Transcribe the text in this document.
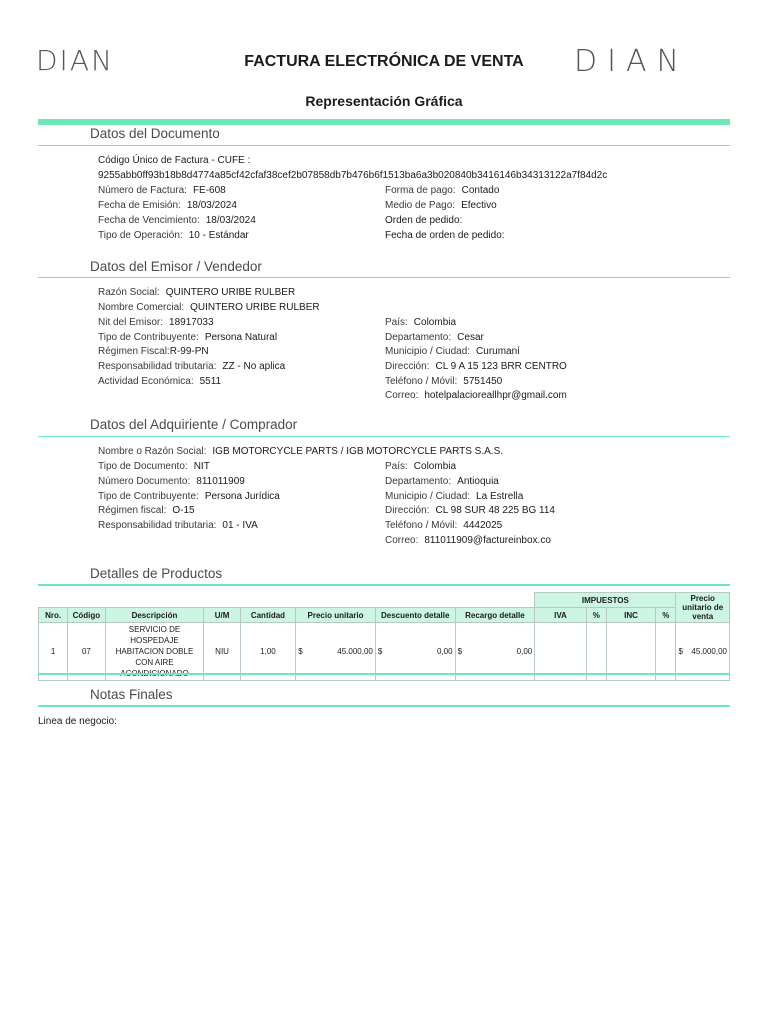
DIAN	FACTURA ELECTRÓNICA DE VENTA	DIAN
Representación Gráfica
Datos del Documento
Código Único de Factura - CUFE :
9255abb0ff93b18b8d4774a85cf42cfaf38cef2b07858db7b476b6f1513ba6a3b020840b3416146b34313122a7f84d2c
Número de Factura: FE-608
Fecha de Emisión: 18/03/2024
Fecha de Vencimiento: 18/03/2024
Tipo de Operación: 10 - Estándar
Forma de pago: Contado
Medio de Pago: Efectivo
Orden de pedido:
Fecha de orden de pedido:
Datos del Emisor / Vendedor
Razón Social: QUINTERO URIBE RULBER
Nombre Comercial: QUINTERO URIBE RULBER
Nit del Emisor: 18917033
Tipo de Contribuyente: Persona Natural
Régimen Fiscal:R-99-PN
Responsabilidad tributaria: ZZ - No aplica
Actividad Económica: 5511
País: Colombia
Departamento: Cesar
Municipio / Ciudad: Curumaní
Dirección: CL 9 A 15 123 BRR CENTRO
Teléfono / Móvil: 5751450
Correo: hotelpalacioreallhpr@gmail.com
Datos del Adquiriente / Comprador
Nombre o Razón Social: IGB MOTORCYCLE PARTS / IGB MOTORCYCLE PARTS S.A.S.
Tipo de Documento: NIT
Número Documento: 811011909
Tipo de Contribuyente: Persona Jurídica
Régimen fiscal: O-15
Responsabilidad tributaria: 01 - IVA
País: Colombia
Departamento: Antioquia
Municipio / Ciudad: La Estrella
Dirección: CL 98 SUR 48 225 BG 114
Teléfono / Móvil: 4442025
Correo: 811011909@factureinbox.co
Detalles de Productos
								IMPUESTOS				Precio unitario de venta
Nro.	Código	Descripción	U/M	Cantidad	Precio unitario	Descuento detalle	Recargo detalle	IVA	%	INC	%	
1	07	SERVICIO DE HOSPEDAJE HABITACION DOBLE CON AIRE	NIU	1,00	$ 45.000,00	$ 0,00	$ 0,00					$ 45.000,00
Notas Finales
Linea de negocio:
